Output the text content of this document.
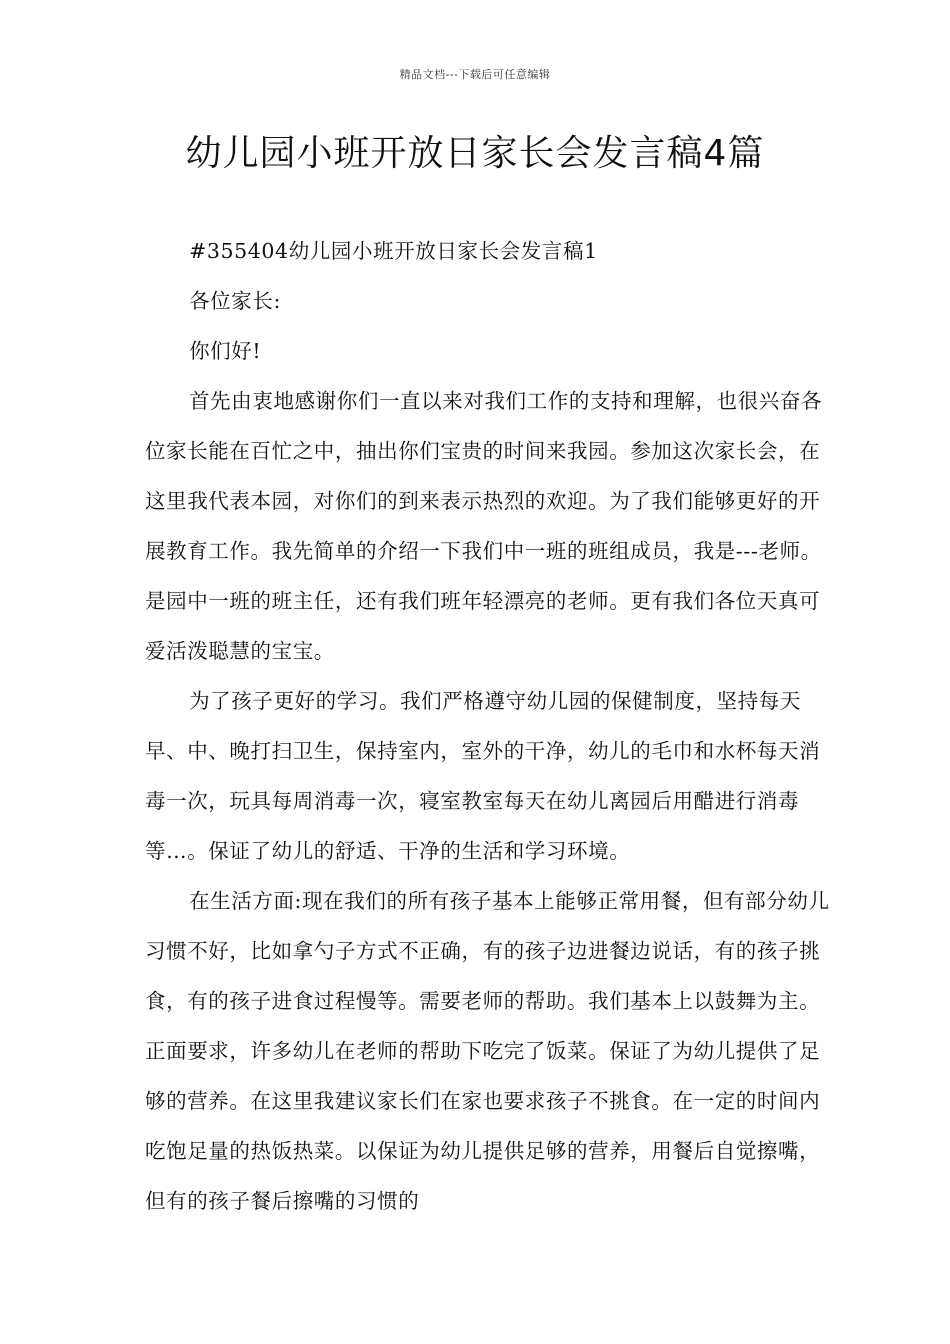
精品文档---下载后可任意编辑
幼儿园小班开放日家长会发言稿4篇

#355404幼儿园小班开放日家长会发言稿1

各位家长:

你们好!

首先由衷地感谢你们一直以来对我们工作的支持和理解，也很兴奋各位家长能在百忙之中，抽出你们宝贵的时间来我园。参加这次家长会，在这里我代表本园，对你们的到来表示热烈的欢迎。为了我们能够更好的开展教育工作。我先简单的介绍一下我们中一班的班组成员，我是---老师。是园中一班的班主任，还有我们班年轻漂亮的老师。更有我们各位天真可爱活泼聪慧的宝宝。

为了孩子更好的学习。我们严格遵守幼儿园的保健制度，坚持每天早、中、晚打扫卫生，保持室内，室外的干净，幼儿的毛巾和水杯每天消毒一次，玩具每周消毒一次，寝室教室每天在幼儿离园后用醋进行消毒等…。保证了幼儿的舒适、干净的生活和学习环境。

在生活方面:现在我们的所有孩子基本上能够正常用餐，但有部分幼儿习惯不好，比如拿勺子方式不正确，有的孩子边进餐边说话，有的孩子挑食，有的孩子进食过程慢等。需要老师的帮助。我们基本上以鼓舞为主。正面要求，许多幼儿在老师的帮助下吃完了饭菜。保证了为幼儿提供了足够的营养。在这里我建议家长们在家也要求孩子不挑食。在一定的时间内吃饱足量的热饭热菜。以保证为幼儿提供足够的营养，用餐后自觉擦嘴，但有的孩子餐后擦嘴的习惯的
